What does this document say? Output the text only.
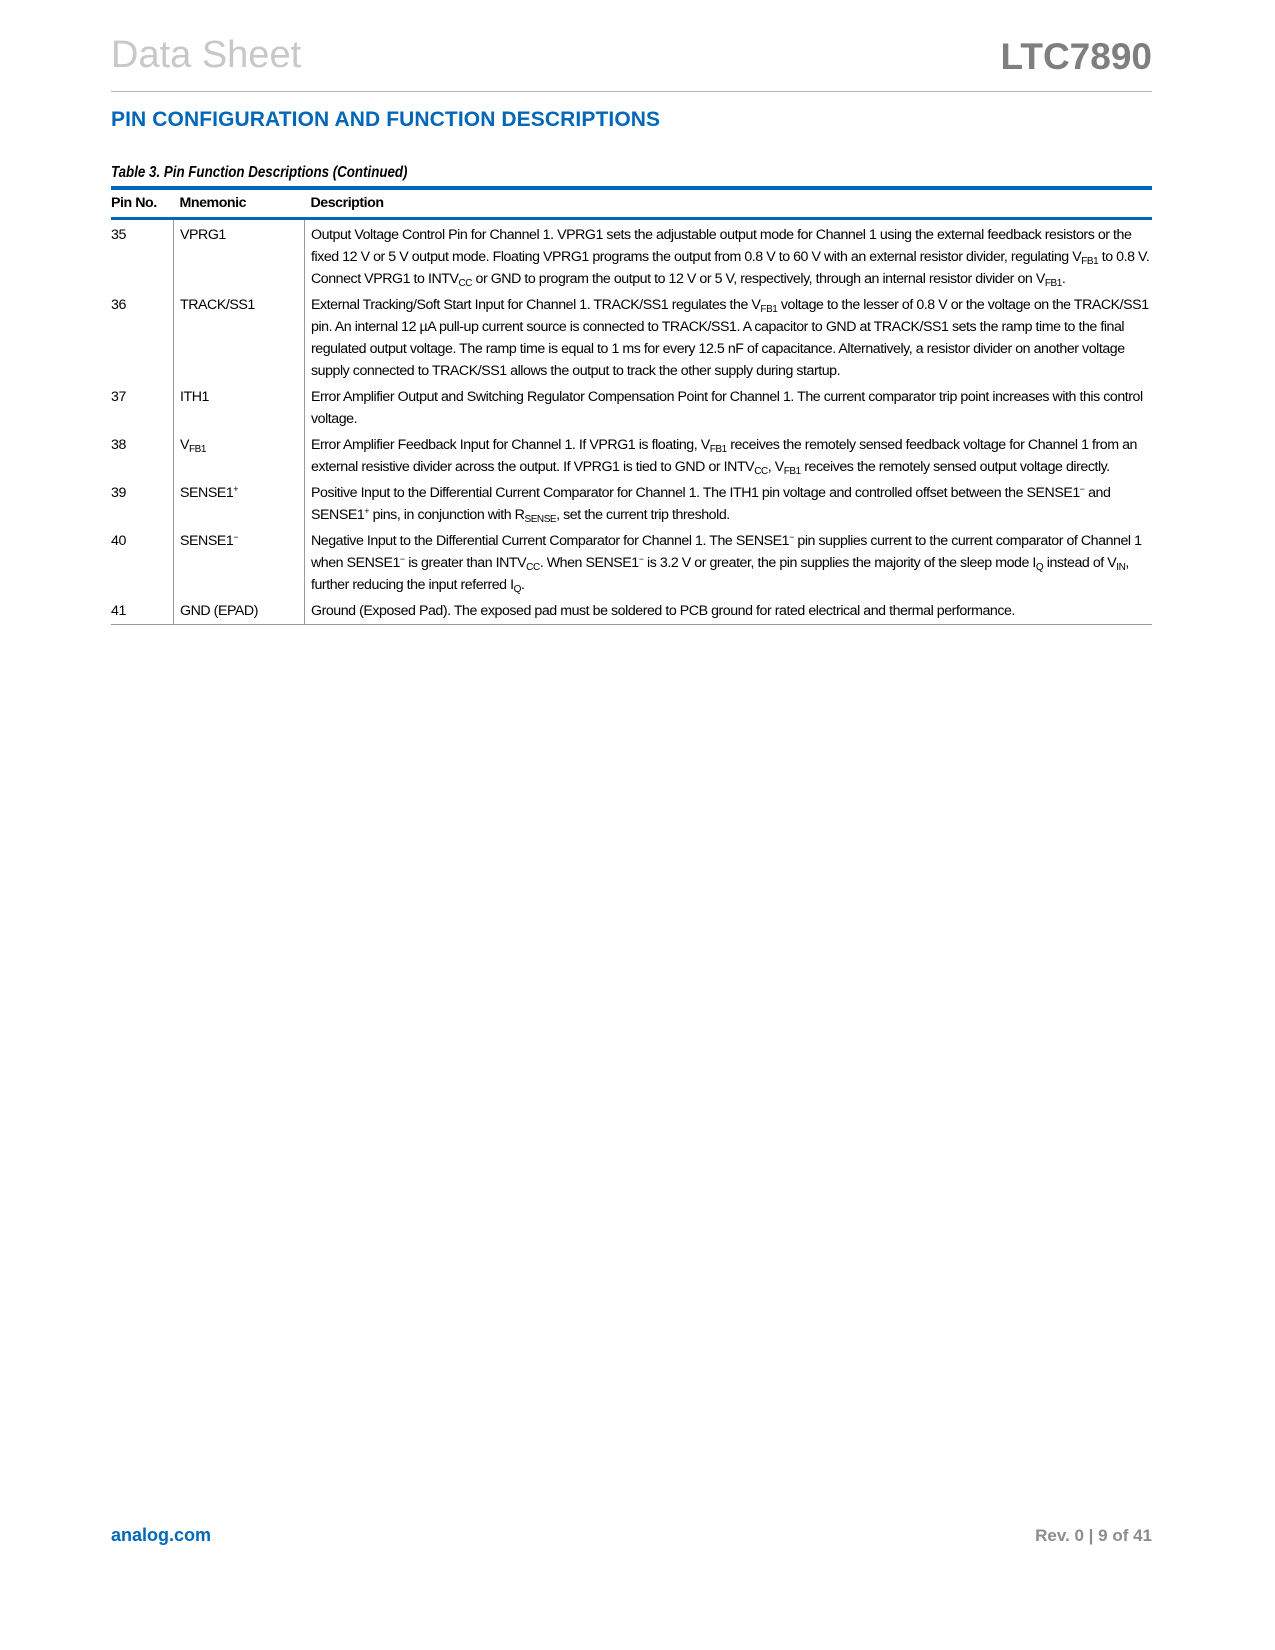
Data Sheet	LTC7890
PIN CONFIGURATION AND FUNCTION DESCRIPTIONS
Table 3. Pin Function Descriptions (Continued)
Pin No.	Mnemonic	Description
35	VPRG1	Output Voltage Control Pin for Channel 1. VPRG1 sets the adjustable output mode for Channel 1 using the external feedback resistors or the fixed 12 V or 5 V output mode. Floating VPRG1 programs the output from 0.8 V to 60 V with an external resistor divider, regulating $V_{FB1}$ to 0.8 V. Connect VPRG1 to $INTV_{CC}$ or GND to program the output to 12 V or 5 V, respectively, through an internal resistor divider on $V_{FB1}$.
36	TRACK/SS1	External Tracking/Soft Start Input for Channel 1. TRACK/SS1 regulates the $V_{FB1}$ voltage to the lesser of 0.8 V or the voltage on the TRACK/SS1 pin. An internal 12 µA pull-up current source is connected to TRACK/SS1. A capacitor to GND at TRACK/SS1 sets the ramp time to the final regulated output voltage. The ramp time is equal to 1 ms for every 12.5 nF of capacitance. Alternatively, a resistor divider on another voltage supply connected to TRACK/SS1 allows the output to track the other supply during startup.
37	ITH1	Error Amplifier Output and Switching Regulator Compensation Point for Channel 1. The current comparator trip point increases with this control voltage.
38	$V_{FB1}$	Error Amplifier Feedback Input for Channel 1. If VPRG1 is floating, $V_{FB1}$ receives the remotely sensed feedback voltage for Channel 1 from an external resistive divider across the output. If VPRG1 is tied to GND or $INTV_{CC}$, $V_{FB1}$ receives the remotely sensed output voltage directly.
39	SENSE1+	Positive Input to the Differential Current Comparator for Channel 1. The ITH1 pin voltage and controlled offset between the SENSE1− and SENSE1+ pins, in conjunction with $R_{SENSE}$, set the current trip threshold.
40	SENSE1−	Negative Input to the Differential Current Comparator for Channel 1. The SENSE1− pin supplies current to the current comparator of Channel 1 when SENSE1− is greater than $INTV_{CC}$. When SENSE1− is 3.2 V or greater, the pin supplies the majority of the sleep mode $I_Q$ instead of $V_{IN}$, further reducing the input referred $I_Q$.
41	GND (EPAD)	Ground (Exposed Pad). The exposed pad must be soldered to PCB ground for rated electrical and thermal performance.
analog.com	Rev. 0 | 9 of 41
